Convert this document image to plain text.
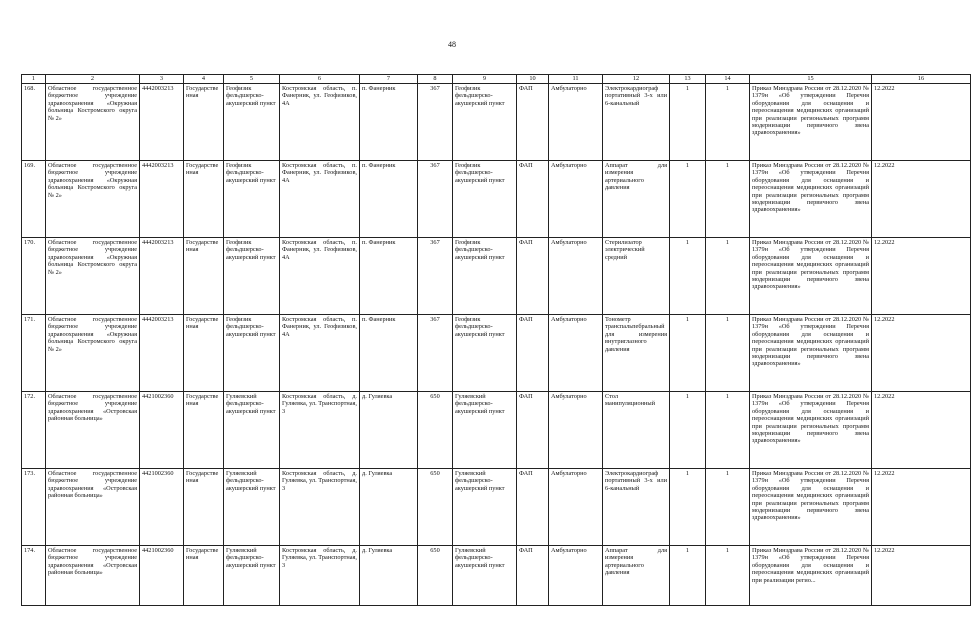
48
1	2	3	4	5	6	7	8	9	10	11	12	13	14	15	16
168.	Областное государственное бюджетное учреждение здравоохранения «Окружная больница Костромского округа № 2»	4442003213	Государственная	Геофизик фельдшерско-акушерский пункт	Костромская область, п. Фанерник, ул. Геофизиков, 4А	п. Фанерник	367	Геофизик фельдшерско-акушерский пункт	ФАП	Амбулаторно	Электрокардиограф портативный 3-х или 6-канальный	1	1	Приказ Минздрава России от 28.12.2020 № 1379н «Об утверждении Перечня оборудования для оснащения и переоснащения медицинских организаций при реализации региональных программ модернизации первичного звена здравоохранения»	12.2022
169.	Областное государственное бюджетное учреждение здравоохранения «Окружная больница Костромского округа № 2»	4442003213	Государственная	Геофизик фельдшерско-акушерский пункт	Костромская область, п. Фанерник, ул. Геофизиков, 4А	п. Фанерник	367	Геофизик фельдшерско-акушерский пункт	ФАП	Амбулаторно	Аппарат для измерения артериального давления	1	1	Приказ Минздрава России от 28.12.2020 № 1379н «Об утверждении Перечня оборудования для оснащения и переоснащения медицинских организаций при реализации региональных программ модернизации первичного звена здравоохранения»	12.2022
170.	Областное государственное бюджетное учреждение здравоохранения «Окружная больница Костромского округа № 2»	4442003213	Государственная	Геофизик фельдшерско-акушерский пункт	Костромская область, п. Фанерник, ул. Геофизиков, 4А	п. Фанерник	367	Геофизик фельдшерско-акушерский пункт	ФАП	Амбулаторно	Стерилизатор электрический средний	1	1	Приказ Минздрава России от 28.12.2020 № 1379н «Об утверждении Перечня оборудования для оснащения и переоснащения медицинских организаций при реализации региональных программ модернизации первичного звена здравоохранения»	12.2022
171.	Областное государственное бюджетное учреждение здравоохранения «Окружная больница Костромского округа № 2»	4442003213	Государственная	Геофизик фельдшерско-акушерский пункт	Костромская область, п. Фанерник, ул. Геофизиков, 4А	п. Фанерник	367	Геофизик фельдшерско-акушерский пункт	ФАП	Амбулаторно	Тонометр транспальпебральный для измерения внутриглазного давления	1	1	Приказ Минздрава России от 28.12.2020 № 1379н «Об утверждении Перечня оборудования для оснащения и переоснащения медицинских организаций при реализации региональных программ модернизации первичного звена здравоохранения»	12.2022
172.	Областное государственное бюджетное учреждение здравоохранения «Островская районная больница»	4421002360	Государственная	Гуляевский фельдшерско-акушерский пункт	Костромская область, д. Гуляевка, ул. Транспортная, 3	д. Гуляевка	650	Гуляевский фельдшерско-акушерский пункт	ФАП	Амбулаторно	Стол манипуляционный	1	1	Приказ Минздрава России от 28.12.2020 № 1379н «Об утверждении Перечня оборудования для оснащения и переоснащения медицинских организаций при реализации региональных программ модернизации первичного звена здравоохранения»	12.2022
173.	Областное государственное бюджетное учреждение здравоохранения «Островская районная больница»	4421002360	Государственная	Гуляевский фельдшерско-акушерский пункт	Костромская область, д. Гуляевка, ул. Транспортная, 3	д. Гуляевка	650	Гуляевский фельдшерско-акушерский пункт	ФАП	Амбулаторно	Электрокардиограф портативный 3-х или 6-канальный	1	1	Приказ Минздрава России от 28.12.2020 № 1379н «Об утверждении Перечня оборудования для оснащения и переоснащения медицинских организаций при реализации региональных программ модернизации первичного звена здравоохранения»	12.2022
174.	Областное государственное бюджетное учреждение здравоохранения «Островская районная больница»	4421002360	Государственная	Гуляевский фельдшерско-акушерский пункт	Костромская область, д. Гуляевка, ул. Транспортная, 3	д. Гуляевка	650	Гуляевский фельдшерско-акушерский пункт	ФАП	Амбулаторно	Аппарат для измерения артериального давления	1	1	Приказ Минздрава России от 28.12.2020 № 1379н «Об утверждении Перечня оборудования для оснащения и переоснащения медицинских организаций при реализации регио...	12.2022
